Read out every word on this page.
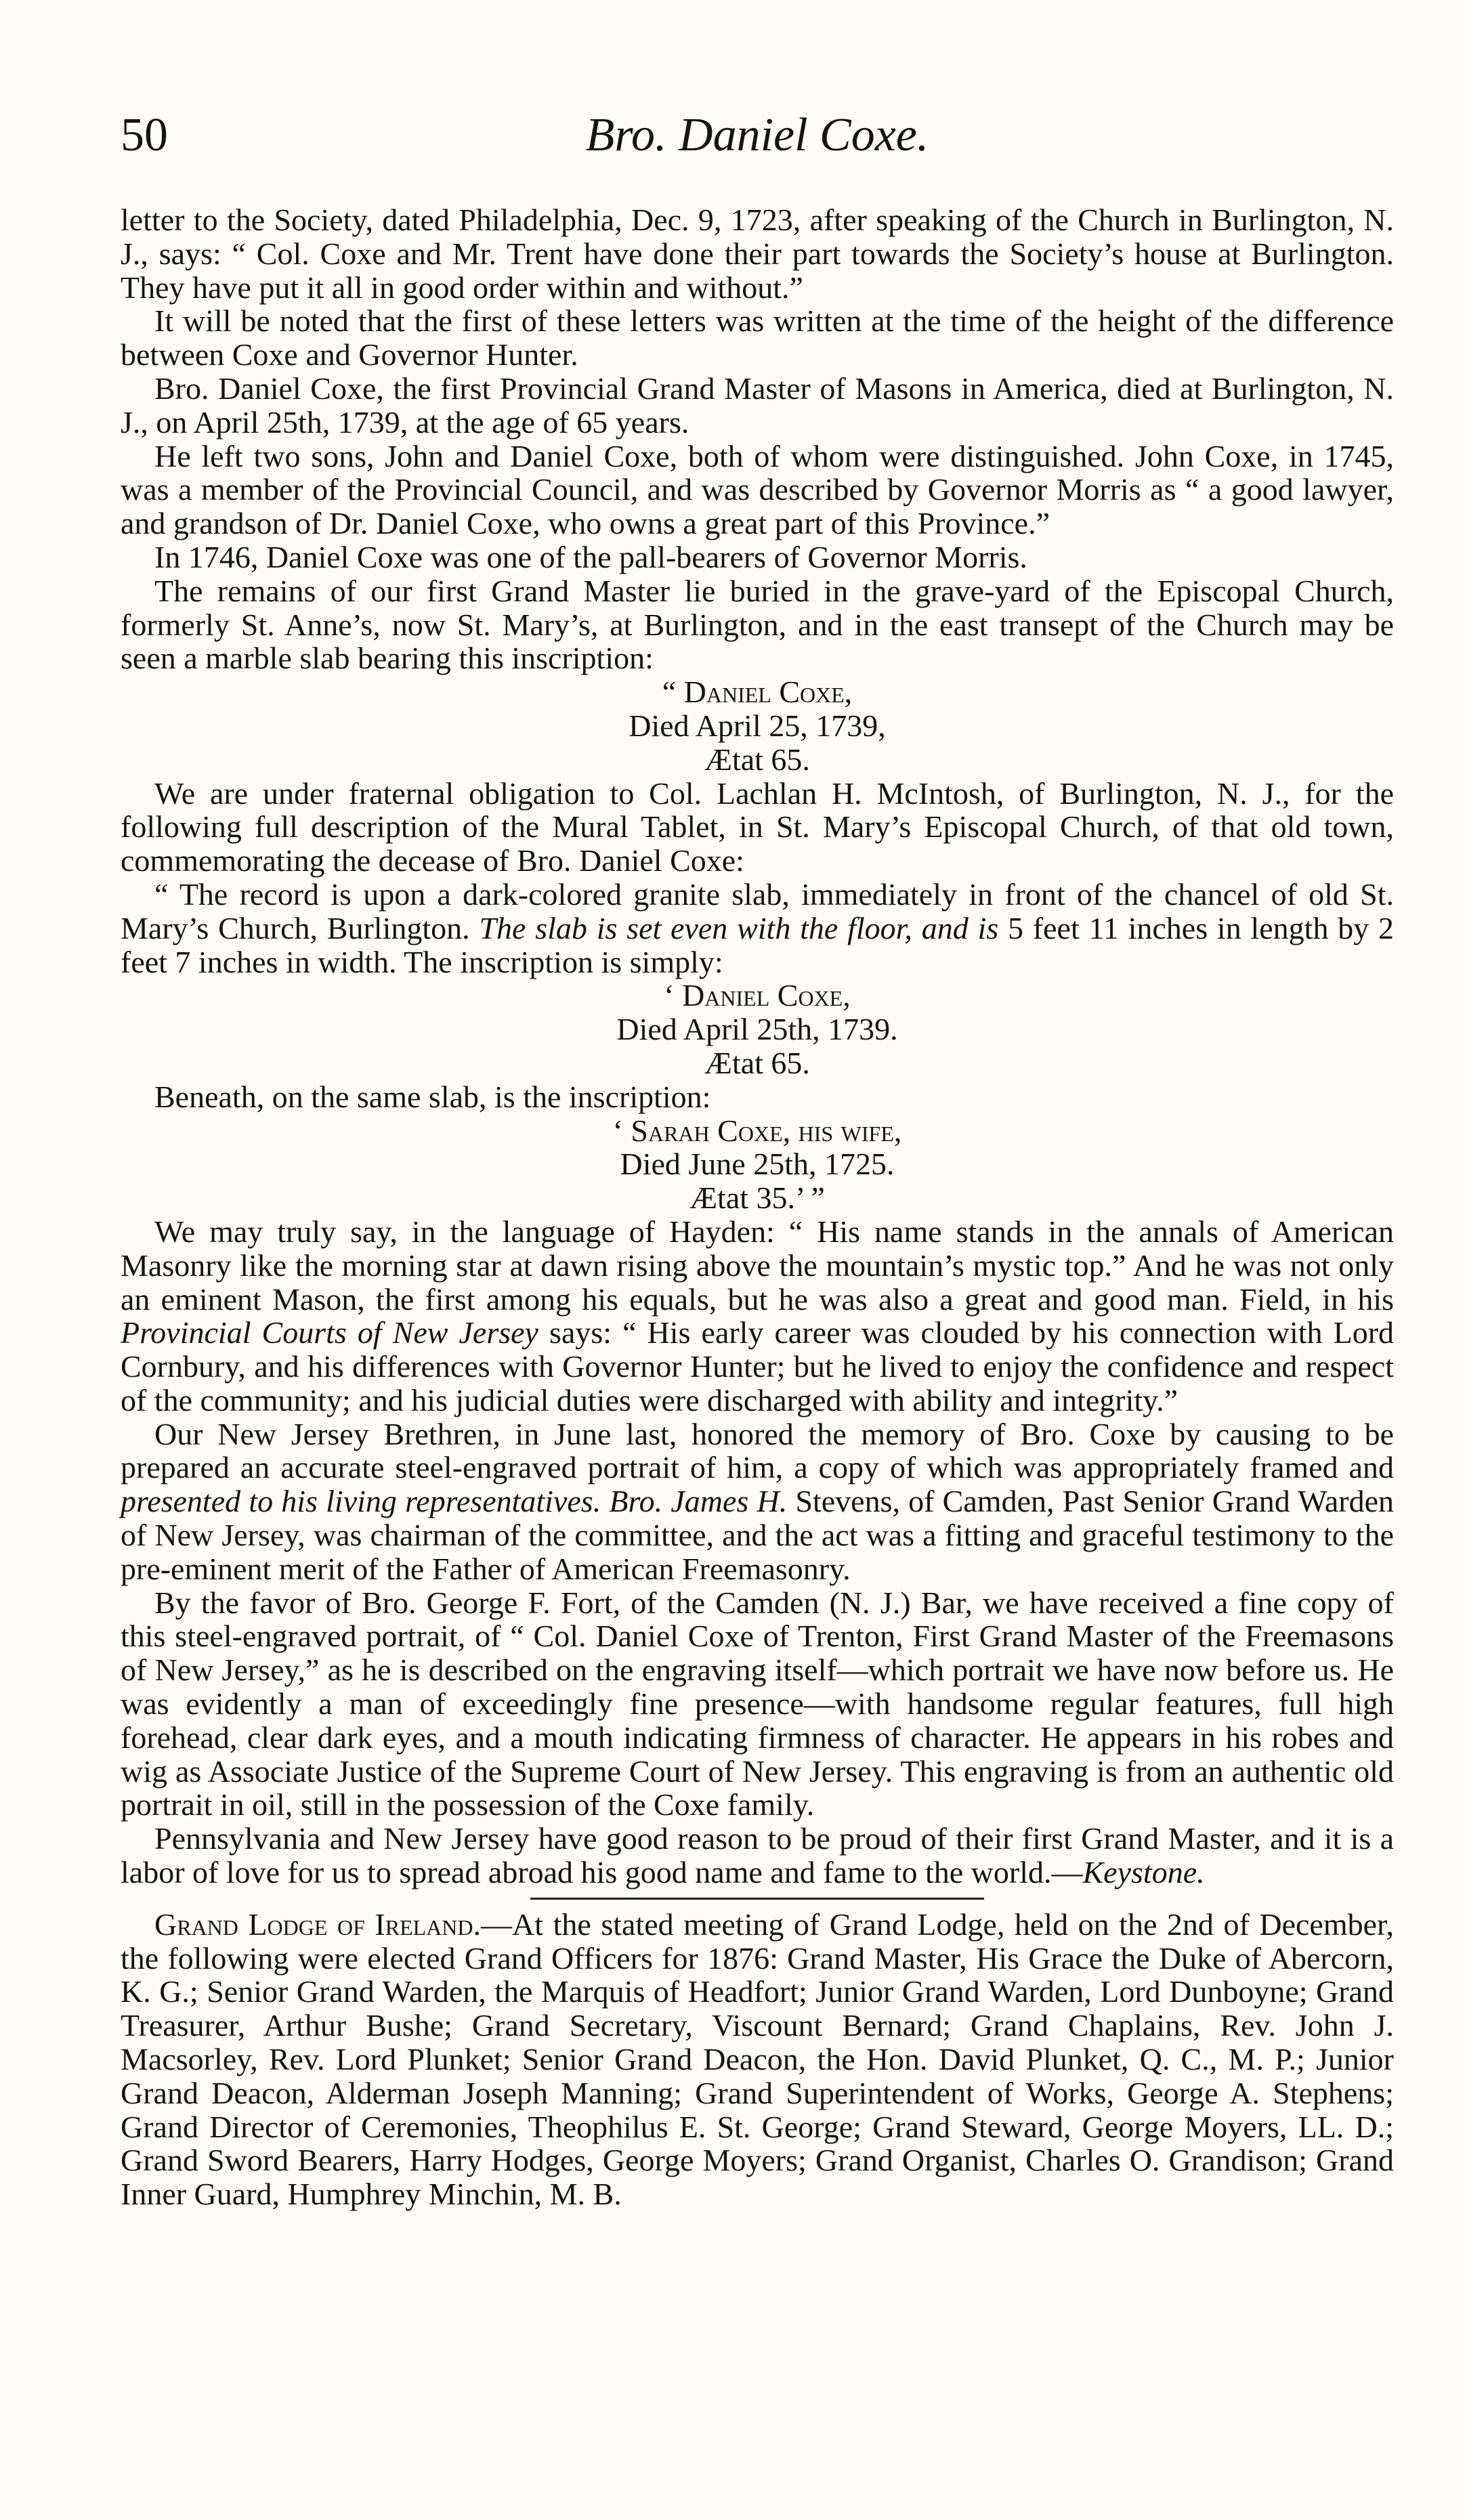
50	Bro. Daniel Coxe.

letter to the Society, dated Philadelphia, Dec. 9, 1723, after speaking of the Church in Burlington, N. J., says: “ Col. Coxe and Mr. Trent have done their part towards the Society’s house at Burlington. They have put it all in good order within and without.”

It will be noted that the first of these letters was written at the time of the height of the difference between Coxe and Governor Hunter.

Bro. Daniel Coxe, the first Provincial Grand Master of Masons in America, died at Burlington, N. J., on April 25th, 1739, at the age of 65 years.

He left two sons, John and Daniel Coxe, both of whom were distinguished. John Coxe, in 1745, was a member of the Provincial Council, and was described by Governor Morris as “ a good lawyer, and grandson of Dr. Daniel Coxe, who owns a great part of this Province.”

In 1746, Daniel Coxe was one of the pall-bearers of Governor Morris.

The remains of our first Grand Master lie buried in the grave-yard of the Episcopal Church, formerly St. Anne’s, now St. Mary’s, at Burlington, and in the east transept of the Church may be seen a marble slab bearing this inscription:

“ Daniel Coxe,
Died April 25, 1739,
Ætat 65.

We are under fraternal obligation to Col. Lachlan H. McIntosh, of Burlington, N. J., for the following full description of the Mural Tablet, in St. Mary’s Episcopal Church, of that old town, commemorating the decease of Bro. Daniel Coxe:

“ The record is upon a dark-colored granite slab, immediately in front of the chancel of old St. Mary’s Church, Burlington. The slab is set even with the floor, and is 5 feet 11 inches in length by 2 feet 7 inches in width. The inscription is simply:

‘ Daniel Coxe,
Died April 25th, 1739.
Ætat 65.

Beneath, on the same slab, is the inscription:

‘ Sarah Coxe, his wife,
Died June 25th, 1725.
Ætat 35.’ ”

We may truly say, in the language of Hayden: “ His name stands in the annals of American Masonry like the morning star at dawn rising above the mountain’s mystic top.” And he was not only an eminent Mason, the first among his equals, but he was also a great and good man. Field, in his Provincial Courts of New Jersey says: “ His early career was clouded by his connection with Lord Cornbury, and his differences with Governor Hunter; but he lived to enjoy the confidence and respect of the community; and his judicial duties were discharged with ability and integrity.”

Our New Jersey Brethren, in June last, honored the memory of Bro. Coxe by causing to be prepared an accurate steel-engraved portrait of him, a copy of which was appropriately framed and presented to his living representatives. Bro. James H. Stevens, of Camden, Past Senior Grand Warden of New Jersey, was chairman of the committee, and the act was a fitting and graceful testimony to the pre-eminent merit of the Father of American Freemasonry.

By the favor of Bro. George F. Fort, of the Camden (N. J.) Bar, we have received a fine copy of this steel-engraved portrait, of “ Col. Daniel Coxe of Trenton, First Grand Master of the Freemasons of New Jersey,” as he is described on the engraving itself—which portrait we have now before us. He was evidently a man of exceedingly fine presence—with handsome regular features, full high forehead, clear dark eyes, and a mouth indicating firmness of character. He appears in his robes and wig as Associate Justice of the Supreme Court of New Jersey. This engraving is from an authentic old portrait in oil, still in the possession of the Coxe family.

Pennsylvania and New Jersey have good reason to be proud of their first Grand Master, and it is a labor of love for us to spread abroad his good name and fame to the world.—Keystone.

Grand Lodge of Ireland.—At the stated meeting of Grand Lodge, held on the 2nd of December, the following were elected Grand Officers for 1876: Grand Master, His Grace the Duke of Abercorn, K. G.; Senior Grand Warden, the Marquis of Headfort; Junior Grand Warden, Lord Dunboyne; Grand Treasurer, Arthur Bushe; Grand Secretary, Viscount Bernard; Grand Chaplains, Rev. John J. Macsorley, Rev. Lord Plunket; Senior Grand Deacon, the Hon. David Plunket, Q. C., M. P.; Junior Grand Deacon, Alderman Joseph Manning; Grand Superintendent of Works, George A. Stephens; Grand Director of Ceremonies, Theophilus E. St. George; Grand Steward, George Moyers, LL. D.; Grand Sword Bearers, Harry Hodges, George Moyers; Grand Organist, Charles O. Grandison; Grand Inner Guard, Humphrey Minchin, M. B.
